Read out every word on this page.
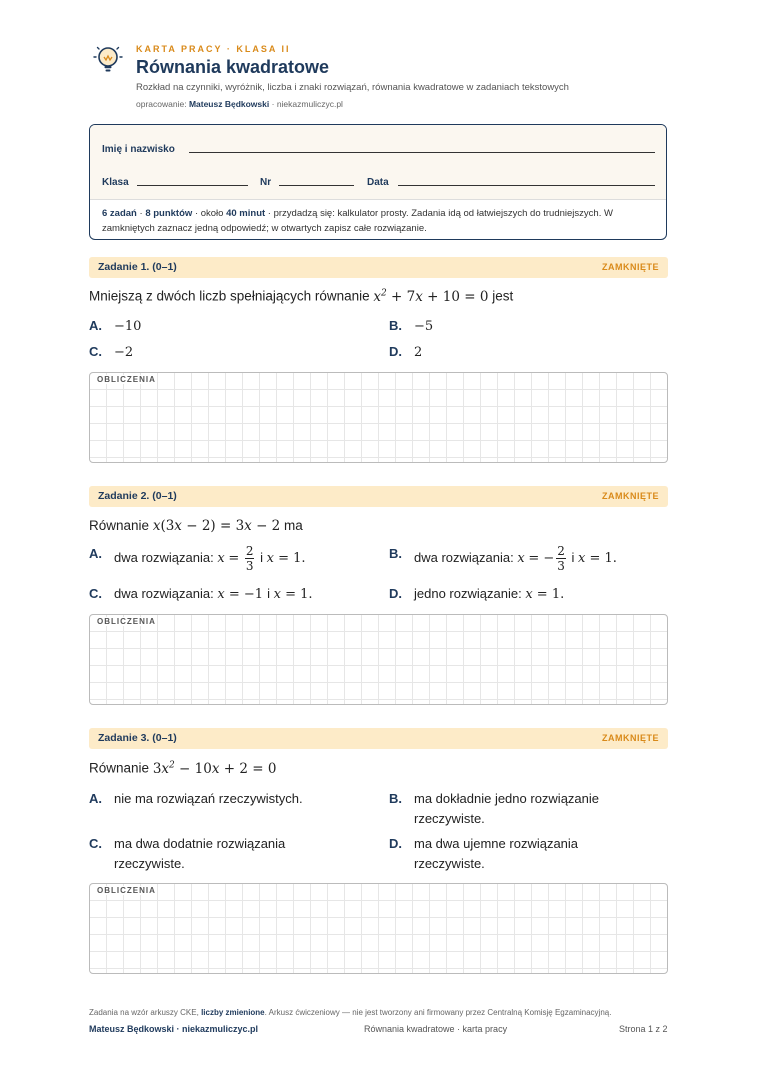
KARTA PRACY · KLASA II
Równania kwadratowe
Rozkład na czynniki, wyróżnik, liczba i znaki rozwiązań, równania kwadratowe w zadaniach tekstowych
opracowanie: Mateusz Będkowski · niekazmuliczyc.pl
Imię i nazwisko
Klasa	Nr	Data
6 zadań · 8 punktów · około 40 minut · przydadzą się: kalkulator prosty. Zadania idą od łatwiejszych do trudniejszych. W zamkniętych zaznacz jedną odpowiedź; w otwartych zapisz całe rozwiązanie.
Zadanie 1. (0–1)	ZAMKNIĘTE
Mniejszą z dwóch liczb spełniających równanie $x^2 + 7x + 10 = 0$ jest
A. −10	B. −5
C. −2	D. 2
OBLICZENIA
Zadanie 2. (0–1)	ZAMKNIĘTE
Równanie x(3x − 2) = 3x − 2 ma
A. dwa rozwiązania: $x = \frac{2}{3}$ i x = 1.	B. dwa rozwiązania: x = − $\frac{2}{3}$ i x = 1.
C. dwa rozwiązania: x = −1 i x = 1.	D. jedno rozwiązanie: x = 1.
OBLICZENIA
Zadanie 3. (0–1)	ZAMKNIĘTE
Równanie $3x^2 - 10x + 2 = 0$
A. nie ma rozwiązań rzeczywistych.	B. ma dokładnie jedno rozwiązanie
rzeczywiste.
C. ma dwa dodatnie rozwiązania
rzeczywiste.
D. ma dwa ujemne rozwiązania
rzeczywiste.
OBLICZENIA
Zadania na wzór arkuszy CKE, liczby zmienione. Arkusz ćwiczeniowy — nie jest tworzony ani firmowany przez Centralną Komisję Egzaminacyjną.
Mateusz Będkowski · niekazmuliczyc.pl	Równania kwadratowe · karta pracy	Strona 1 z 2
